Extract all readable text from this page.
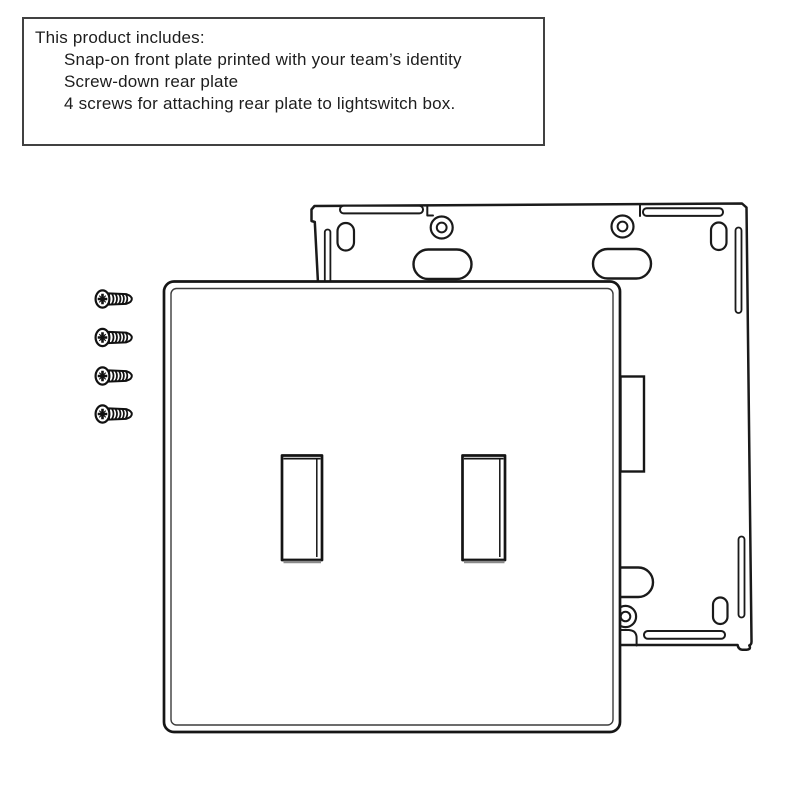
This product includes:
Snap-on front plate printed with your team’s identity
Screw-down rear plate
4 screws for attaching rear plate to lightswitch box.
